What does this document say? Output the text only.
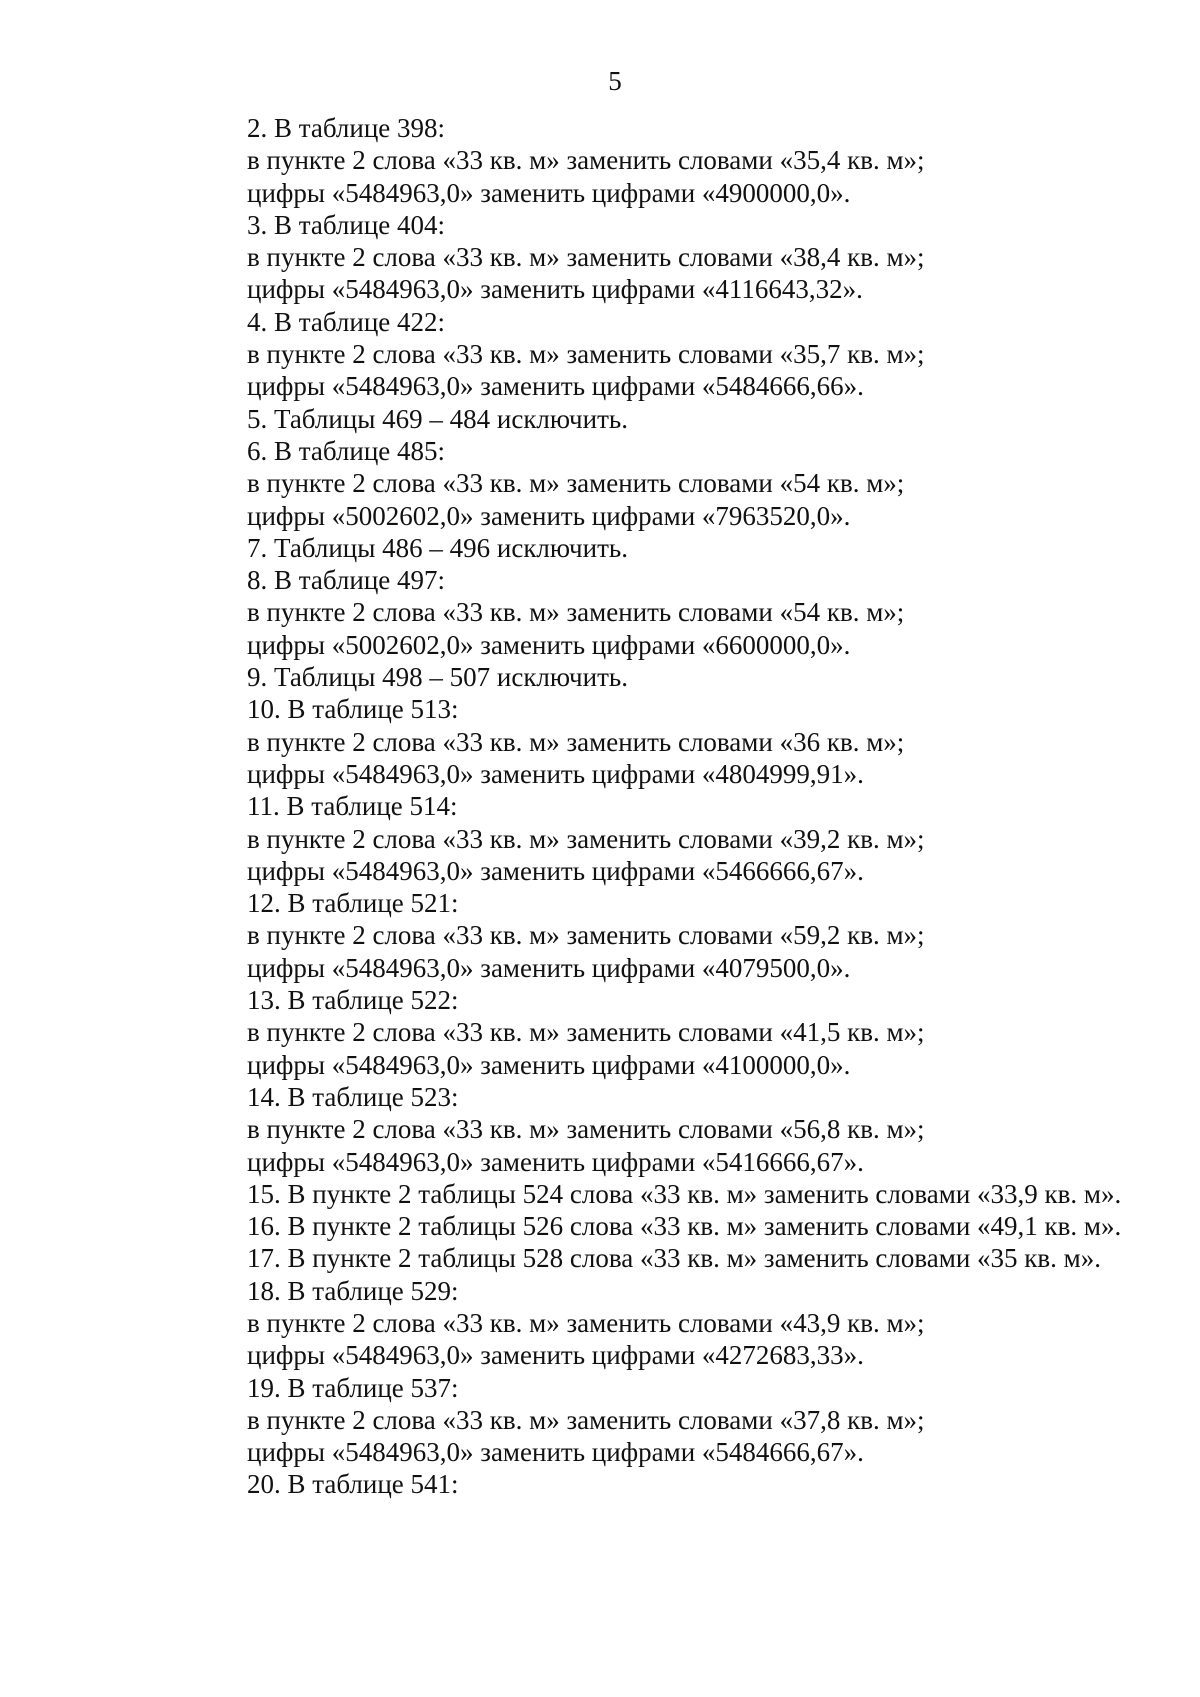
5
2. В таблице 398:
в пункте 2 слова «33 кв. м» заменить словами «35,4 кв. м»;
цифры «5484963,0» заменить цифрами «4900000,0».
3. В таблице 404:
в пункте 2 слова «33 кв. м» заменить словами «38,4 кв. м»;
цифры «5484963,0» заменить цифрами «4116643,32».
4. В таблице 422:
в пункте 2 слова «33 кв. м» заменить словами «35,7 кв. м»;
цифры «5484963,0» заменить цифрами «5484666,66».
5. Таблицы 469 – 484 исключить.
6. В таблице 485:
в пункте 2 слова «33 кв. м» заменить словами «54 кв. м»;
цифры «5002602,0» заменить цифрами «7963520,0».
7. Таблицы 486 – 496 исключить.
8. В таблице 497:
в пункте 2 слова «33 кв. м» заменить словами «54 кв. м»;
цифры «5002602,0» заменить цифрами «6600000,0».
9. Таблицы 498 – 507 исключить.
10. В таблице 513:
в пункте 2 слова «33 кв. м» заменить словами «36 кв. м»;
цифры «5484963,0» заменить цифрами «4804999,91».
11. В таблице 514:
в пункте 2 слова «33 кв. м» заменить словами «39,2 кв. м»;
цифры «5484963,0» заменить цифрами «5466666,67».
12. В таблице 521:
в пункте 2 слова «33 кв. м» заменить словами «59,2 кв. м»;
цифры «5484963,0» заменить цифрами «4079500,0».
13. В таблице 522:
в пункте 2 слова «33 кв. м» заменить словами «41,5 кв. м»;
цифры «5484963,0» заменить цифрами «4100000,0».
14. В таблице 523:
в пункте 2 слова «33 кв. м» заменить словами «56,8 кв. м»;
цифры «5484963,0» заменить цифрами «5416666,67».
15. В пункте 2 таблицы 524 слова «33 кв. м» заменить словами «33,9 кв. м».
16. В пункте 2 таблицы 526 слова «33 кв. м» заменить словами «49,1 кв. м».
17. В пункте 2 таблицы 528 слова «33 кв. м» заменить словами «35 кв. м».
18. В таблице 529:
в пункте 2 слова «33 кв. м» заменить словами «43,9 кв. м»;
цифры «5484963,0» заменить цифрами «4272683,33».
19. В таблице 537:
в пункте 2 слова «33 кв. м» заменить словами «37,8 кв. м»;
цифры «5484963,0» заменить цифрами «5484666,67».
20. В таблице 541:
